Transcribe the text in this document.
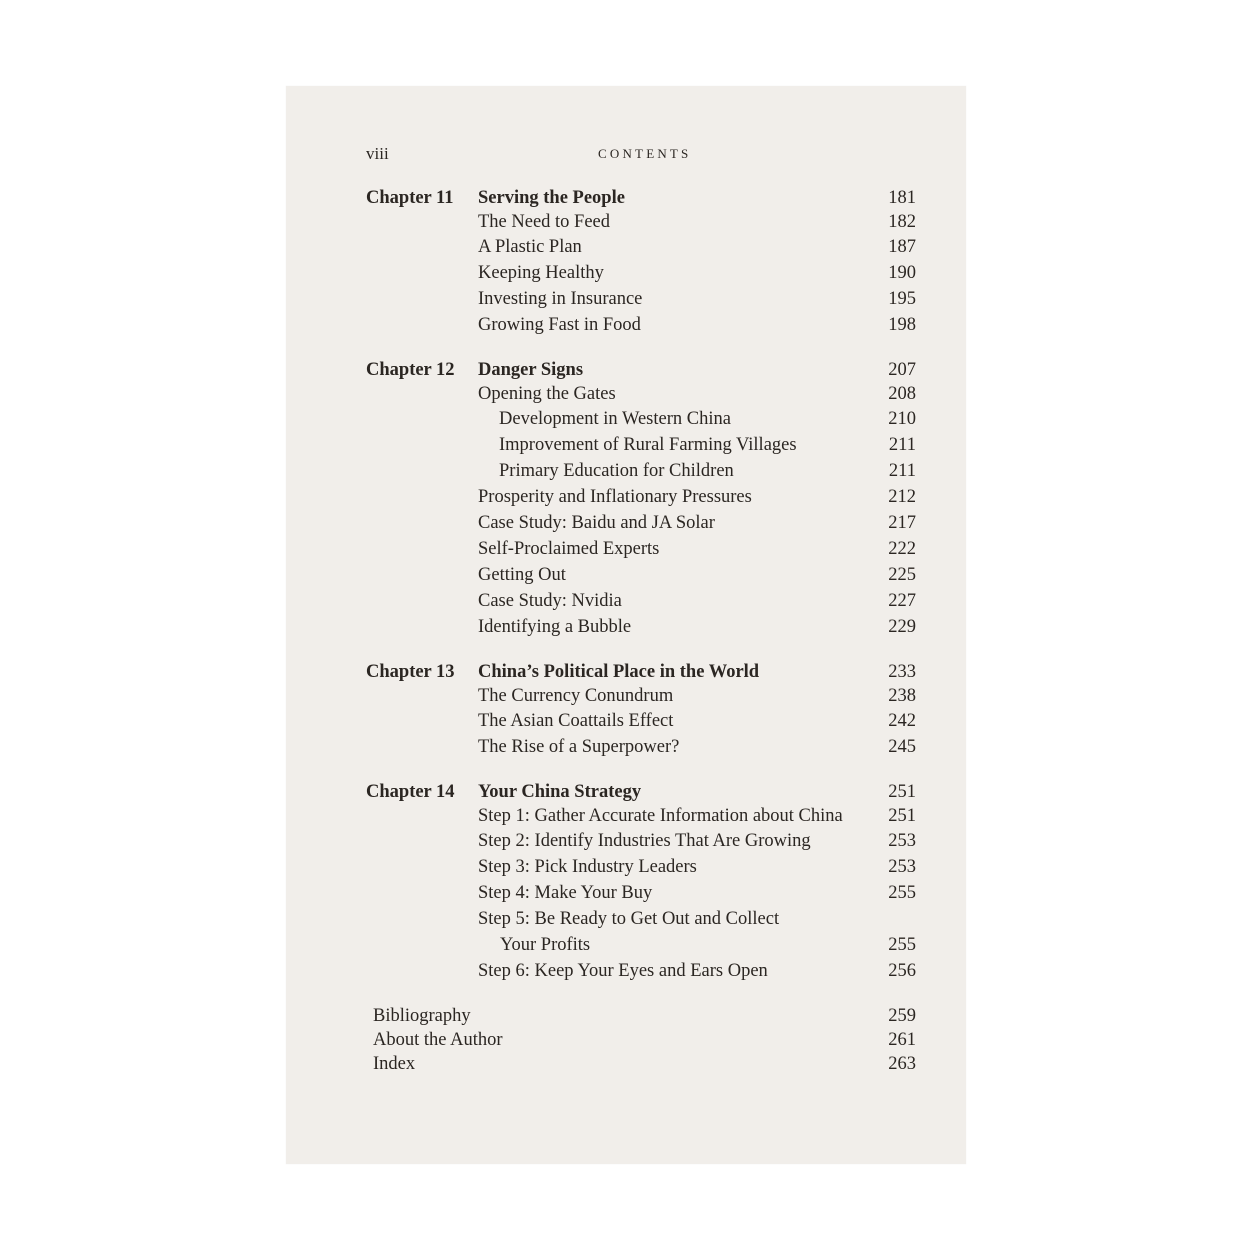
viii	CONTENTS
Chapter 11 Serving the People	181
The Need to Feed	182
A Plastic Plan	187
Keeping Healthy	190
Investing in Insurance	195
Growing Fast in Food	198
Chapter 12 Danger Signs	207
Opening the Gates	208
Development in Western China	210
Improvement of Rural Farming Villages	211
Primary Education for Children	211
Prosperity and Inflationary Pressures	212
Case Study: Baidu and JA Solar	217
Self-Proclaimed Experts	222
Getting Out	225
Case Study: Nvidia	227
Identifying a Bubble	229
Chapter 13 China’s Political Place in the World	233
The Currency Conundrum	238
The Asian Coattails Effect	242
The Rise of a Superpower?	245
Chapter 14 Your China Strategy	251
Step 1: Gather Accurate Information about China 251
Step 2: Identify Industries That Are Growing	253
Step 3: Pick Industry Leaders	253
Step 4: Make Your Buy	255
Step 5: Be Ready to Get Out and Collect
Your Profits	255
Step 6: Keep Your Eyes and Ears Open	256
Bibliography	259
About the Author	261
Index	263
